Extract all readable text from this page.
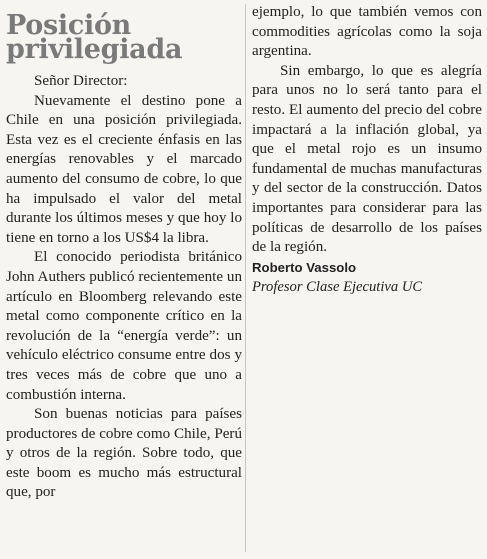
Posición
privilegiada

Señor Director:

Nuevamente el destino pone a Chile en una posición privilegiada. Esta vez es el creciente énfasis en las energías renovables y el marcado aumento del consumo de cobre, lo que ha impulsado el valor del metal durante los últimos meses y que hoy lo tiene en torno a los US$4 la libra.

El conocido periodista británico John Authers publicó recientemente un artículo en Bloomberg relevando este metal como componente crítico en la revolución de la “energía verde”: un vehículo eléctrico consume entre dos y tres veces más de cobre que uno a combustión interna.

Son buenas noticias para países productores de cobre como Chile, Perú y otros de la región. Sobre todo, que este boom es mucho más estructural que, por

ejemplo, lo que también vemos con commodities agrícolas como la soja argentina.

Sin embargo, lo que es alegría para unos no lo será tanto para el resto. El aumento del precio del cobre impactará a la inflación global, ya que el metal rojo es un insumo fundamental de muchas manufacturas y del sector de la construcción. Datos importantes para considerar para las políticas de desarrollo de los países de la región.

Roberto Vassolo
Profesor Clase Ejecutiva UC
